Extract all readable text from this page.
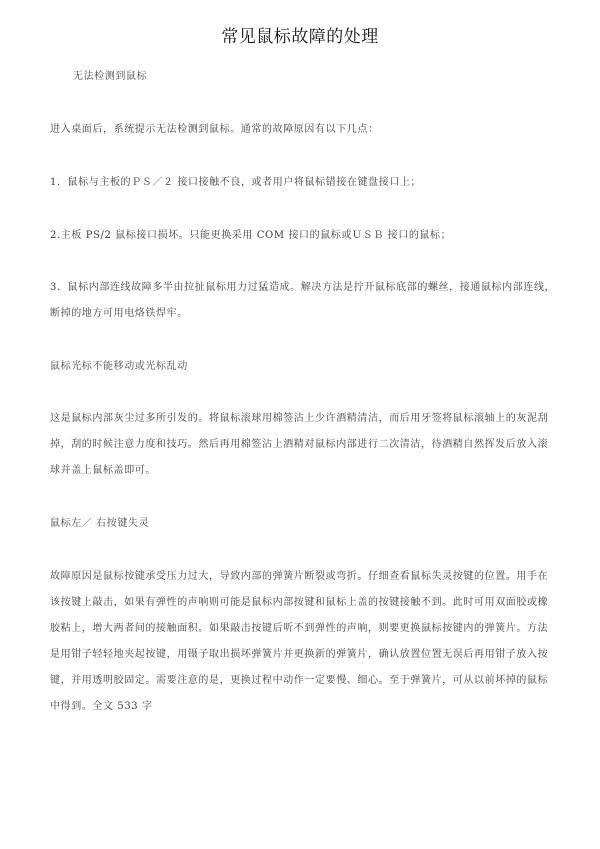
常见鼠标故障的处理
无法检测到鼠标
进入桌面后，系统提示无法检测到鼠标。通常的故障原因有以下几点：
1．鼠标与主板的ＰＳ／２ 接口接触不良，或者用户将鼠标错接在键盘接口上；
2.主板 PS/2 鼠标接口损坏。只能更换采用 COM 接口的鼠标或ＵＳＢ 接口的鼠标；
3．鼠标内部连线故障多半由拉扯鼠标用力过猛造成。解决方法是拧开鼠标底部的螺丝，接通鼠标内部连线，断掉的地方可用电烙铁焊牢。
鼠标光标不能移动或光标乱动
这是鼠标内部灰尘过多所引发的。将鼠标滚球用棉签沾上少许酒精清洁，而后用牙签将鼠标滚轴上的灰泥刮掉，刮的时候注意力度和技巧。然后再用棉签沾上酒精对鼠标内部进行二次清洁，待酒精自然挥发后放入滚球并盖上鼠标盖即可。
鼠标左／ 右按键失灵
故障原因是鼠标按键承受压力过大，导致内部的弹簧片断裂或弯折。仔细查看鼠标失灵按键的位置。用手在该按键上敲击，如果有弹性的声响则可能是鼠标内部按键和鼠标上盖的按键接触不到。此时可用双面胶或橡胶粘上，增大两者间的接触面积。如果敲击按键后听不到弹性的声响，则要更换鼠标按键内的弹簧片。方法是用钳子轻轻地夹起按键，用镊子取出损坏弹簧片并更换新的弹簧片，确认放置位置无误后再用钳子放入按键，并用透明胶固定。需要注意的是，更换过程中动作一定要慢、细心。至于弹簧片，可从以前坏掉的鼠标中得到。全文 533 字
